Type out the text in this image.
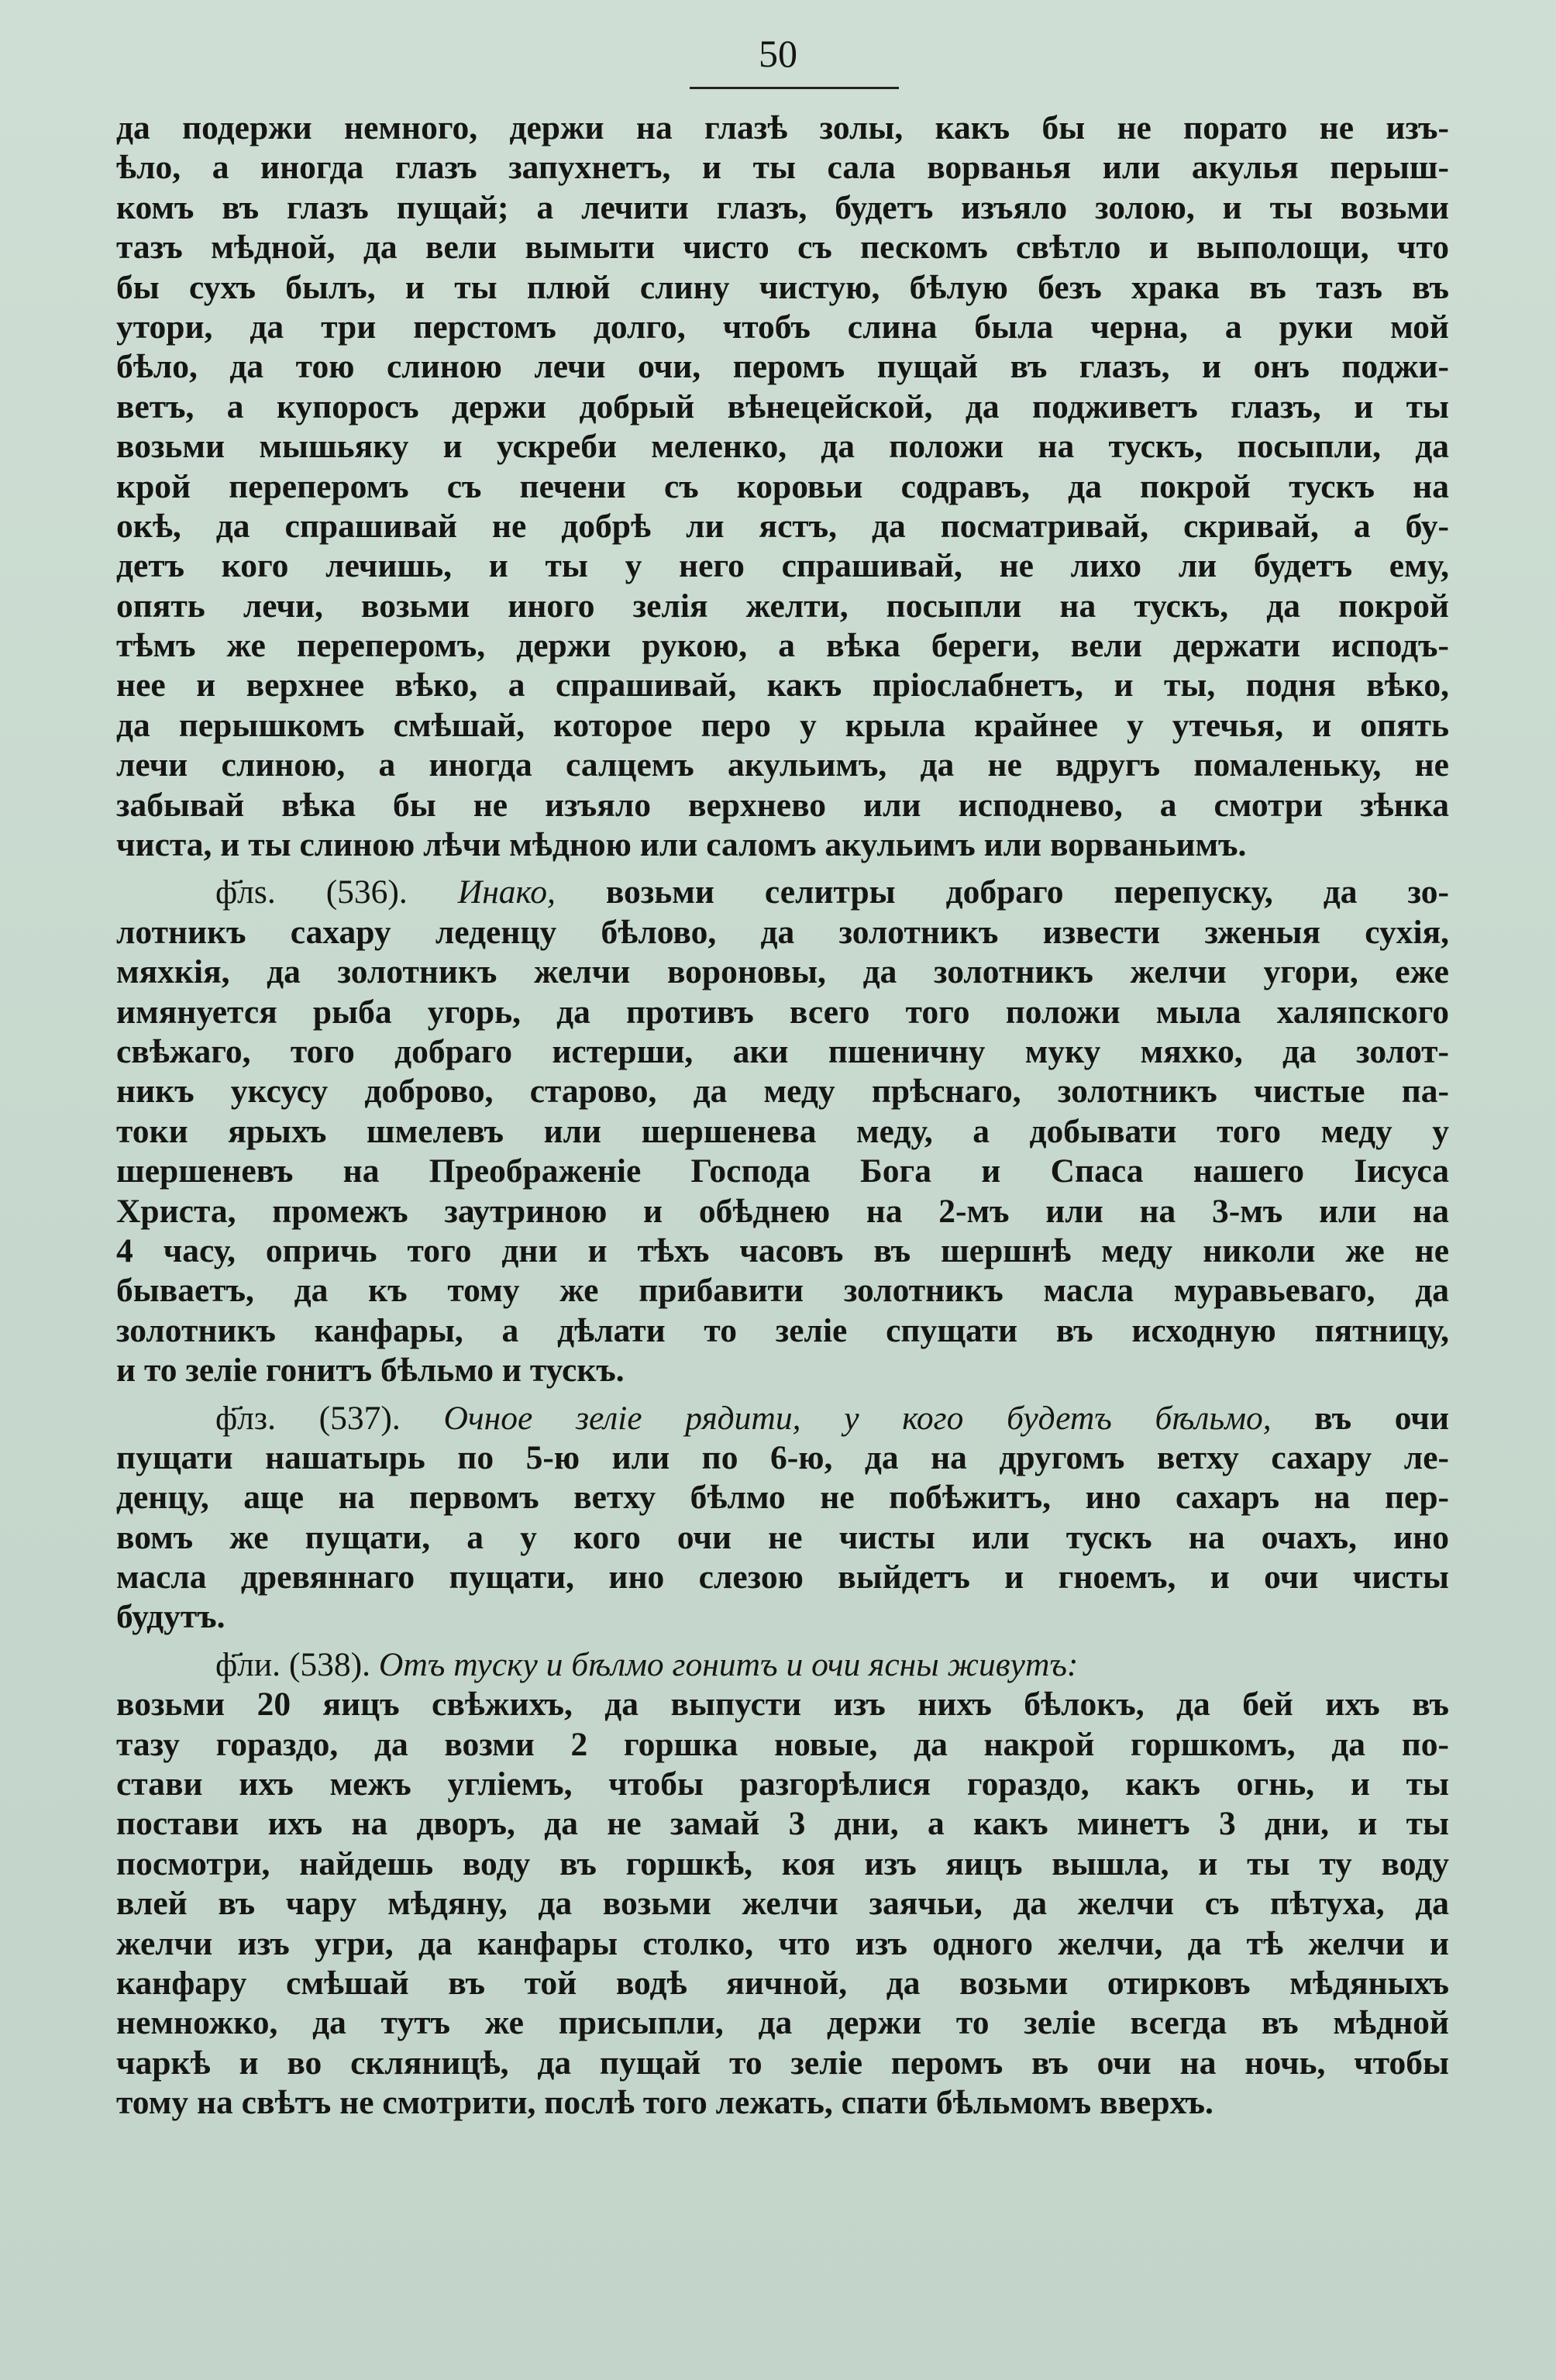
50
да подержи немного, держи на глазѣ золы, какъ бы не порато не изъ-
ѣло, а иногда глазъ запухнетъ, и ты сала ворванья или акулья перыш-
комъ въ глазъ пущай; а лечити глазъ, будетъ изъяло золою, и ты возьми
тазъ мѣдной, да вели вымыти чисто съ пескомъ свѣтло и выполощи, что
бы сухъ былъ, и ты плюй слину чистую, бѣлую безъ храка въ тазъ въ
утори, да три перстомъ долго, чтобъ слина была черна, а руки мой
бѣло, да тою слиною лечи очи, перомъ пущай въ глазъ, и онъ поджи-
ветъ, а купоросъ держи добрый вѣнецейской, да подживетъ глазъ, и ты
возьми мышьяку и ускреби меленко, да положи на тускъ, посыпли, да
крой переперомъ съ печени съ коровьи содравъ, да покрой тускъ на
окѣ, да спрашивай не добрѣ ли ястъ, да посматривай, скривай, а бу-
детъ кого лечишь, и ты у него спрашивай, не лихо ли будетъ ему,
опять лечи, возьми иного зелія желти, посыпли на тускъ, да покрой
тѣмъ же переперомъ, держи рукою, а вѣка береги, вели держати исподъ-
нее и верхнее вѣко, а спрашивай, какъ пріослабнетъ, и ты, подня вѣко,
да перышкомъ смѣшай, которое перо у крыла крайнее у утечья, и опять
лечи слиною, а иногда салцемъ акульимъ, да не вдругъ помаленьку, не
забывай вѣка бы не изъяло верхнево или исподнево, а смотри зѣнка
чиста, и ты слиною лѣчи мѣдною или саломъ акульимъ или ворваньимъ.
ф҃лѕ. (536). Инако, возьми селитры добраго перепуску, да зо-
лотникъ сахару леденцу бѣлово, да золотникъ извести зженыя сухія,
мяхкія, да золотникъ желчи вороновы, да золотникъ желчи угори, еже
имянуется рыба угорь, да противъ всего того положи мыла халяпского
свѣжаго, того добраго истерши, аки пшеничну муку мяхко, да золот-
никъ уксусу доброво, старово, да меду прѣснаго, золотникъ чистые па-
токи ярыхъ шмелевъ или шершенева меду, а добывати того меду у
шершеневъ на Преображеніе Господа Бога и Спаса нашего Іисуса
Христа, промежъ заутриною и обѣднею на 2-мъ или на 3-мъ или на
4 часу, опричь того дни и тѣхъ часовъ въ шершнѣ меду николи же не
бываетъ, да къ тому же прибавити золотникъ масла муравьеваго, да
золотникъ канфары, а дѣлати то зеліе спущати въ исходную пятницу,
и то зеліе гонитъ бѣльмо и тускъ.
ф҃лз. (537). Очное зеліе рядити, у кого будетъ бѣльмо, въ очи
пущати нашатырь по 5-ю или по 6-ю, да на другомъ ветху сахару ле-
денцу, аще на первомъ ветху бѣлмо не побѣжитъ, ино сахаръ на пер-
вомъ же пущати, а у кого очи не чисты или тускъ на очахъ, ино
масла древяннаго пущати, ино слезою выйдетъ и гноемъ, и очи чисты
будутъ.
ф҃ли. (538). Отъ туску и бѣлмо гонитъ и очи ясны живутъ:
возьми 20 яицъ свѣжихъ, да выпусти изъ нихъ бѣлокъ, да бей ихъ въ
тазу гораздо, да возми 2 горшка новые, да накрой горшкомъ, да по-
стави ихъ межъ угліемъ, чтобы разгорѣлися гораздо, какъ огнь, и ты
постави ихъ на дворъ, да не замай 3 дни, а какъ минетъ 3 дни, и ты
посмотри, найдешь воду въ горшкѣ, коя изъ яицъ вышла, и ты ту воду
влей въ чару мѣдяну, да возьми желчи заячьи, да желчи съ пѣтуха, да
желчи изъ угри, да канфары столко, что изъ одного желчи, да тѣ желчи и
канфару смѣшай въ той водѣ яичной, да возьми отирковъ мѣдяныхъ
немножко, да тутъ же присыпли, да держи то зеліе всегда въ мѣдной
чаркѣ и во скляницѣ, да пущай то зеліе перомъ въ очи на ночь, чтобы
тому на свѣтъ не смотрити, послѣ того лежать, спати бѣльмомъ вверхъ.
